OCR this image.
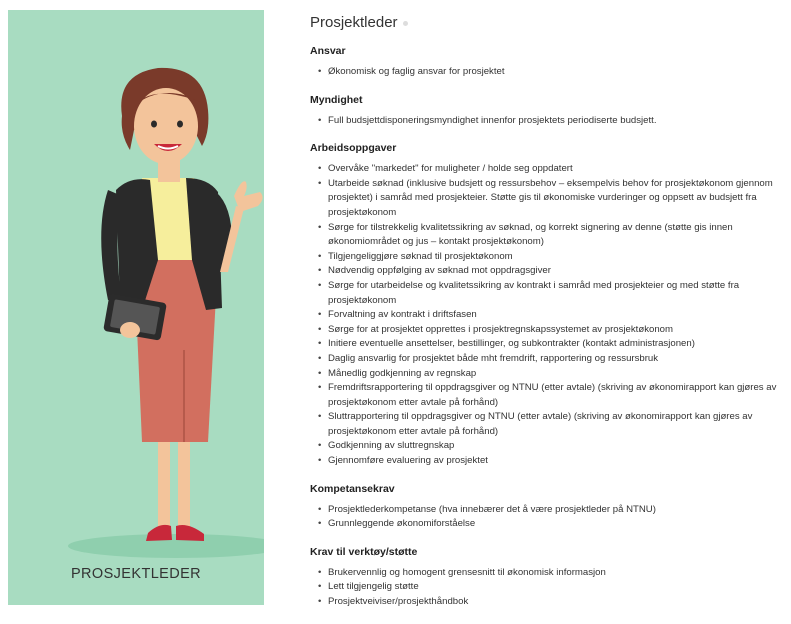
PROSJEKTLEDER
Prosjektleder
Ansvar
• Økonomisk og faglig ansvar for prosjektet
Myndighet
• Full budsjettdisponeringsmyndighet innenfor prosjektets periodiserte budsjett.
Arbeidsoppgaver
• Overvåke "markedet" for muligheter / holde seg oppdatert
• Utarbeide søknad (inklusive budsjett og ressursbehov – eksempelvis behov for prosjektøkonom gjennom prosjektet) i samråd med prosjekteier. Støtte gis til økonomiske vurderinger og oppsett av budsjett fra prosjektøkonom
• Sørge for tilstrekkelig kvalitetssikring av søknad, og korrekt signering av denne (støtte gis innen økonomiområdet og jus – kontakt prosjektøkonom)
• Tilgjengeliggjøre søknad til prosjektøkonom
• Nødvendig oppfølging av søknad mot oppdragsgiver
• Sørge for utarbeidelse og kvalitetssikring av kontrakt i samråd med prosjekteier og med støtte fra prosjektøkonom
• Forvaltning av kontrakt i driftsfasen
• Sørge for at prosjektet opprettes i prosjektregnskapssystemet av prosjektøkonom
• Initiere eventuelle ansettelser, bestillinger, og subkontrakter (kontakt administrasjonen)
• Daglig ansvarlig for prosjektet både mht fremdrift, rapportering og ressursbruk
• Månedlig godkjenning av regnskap
• Fremdriftsrapportering til oppdragsgiver og NTNU (etter avtale) (skriving av økonomirapport kan gjøres av prosjektøkonom etter avtale på forhånd)
• Sluttrapportering til oppdragsgiver og NTNU (etter avtale) (skriving av økonomirapport kan gjøres av prosjektøkonom etter avtale på forhånd)
• Godkjenning av sluttregnskap
• Gjennomføre evaluering av prosjektet
Kompetansekrav
• Prosjektlederkompetanse (hva innebærer det å være prosjektleder på NTNU)
• Grunnleggende økonomiforståelse
Krav til verktøy/støtte
• Brukervennlig og homogent grensesnitt til økonomisk informasjon
• Lett tilgjengelig støtte
• Prosjektveiviser/prosjekthåndbok
